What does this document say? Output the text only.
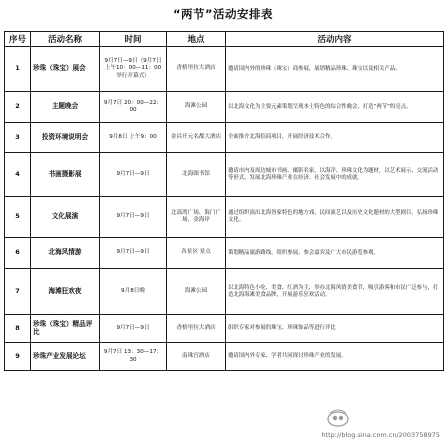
“两节”活动安排表
序号	活动名称	时间	地点	活动内容
1	珍珠（珠宝）展会	9月7日—9日（9月7日上午10：00—11：00举行开幕式）	香格里拉大酒店	邀请国内外的珍珠（珠宝）商参展，展销精品珍珠、珠宝以及相关产品。
2	主题晚会	9月7日 20：00—22：00	海滩公园	以北海文化为主要元素策划呈现本土特色的综合性晚会，打造“两节”的亮点。
3	投资环境说明会	9月8日 上午9：00	金昌开元名都大酒店	全面推介北海招商项目，开展经济技术合作。
4	书画摄影展	9月7日—9日	北海图书馆	邀请市内及周边城市书画、摄影名家，以海洋、珍珠文化为题材，以艺术展示、交流活动等形式，发展北海珍珠产业在经济、社会发展中的成就。
5	文化展演	9月7日—9日	北部湾广场、海门广场、金海岸	通过组织演出北海疍家特色的地方戏、民间演艺以及历史文化题材的大型剧目，弘扬珍珠文化。
6	北海风情游	9月7日—9日	各景区 景点	策划精品旅游路线，组织参展、参会嘉宾及广大市民游览参观。
7	海滩狂欢夜	9月8日晚	海滩公园	以北海特色小吃、美食、红酒为主，举办北海风情美食节，吸引游客和市民广泛参与，打造北海海滩美食品牌，开展游乐狂欢活动。
8	珍珠（珠宝）精品评比	9月7日—9日	香格里拉大酒店	组织专家对参展的珠宝、珍珠饰品等进行评比
9	珍珠产业发展论坛	9月7日 13：30—17：30	南珠宫酒店	邀请国内外专家、学者共同探讨珍珠产业的发展。
http://blog.sina.com.cn/2003758975
